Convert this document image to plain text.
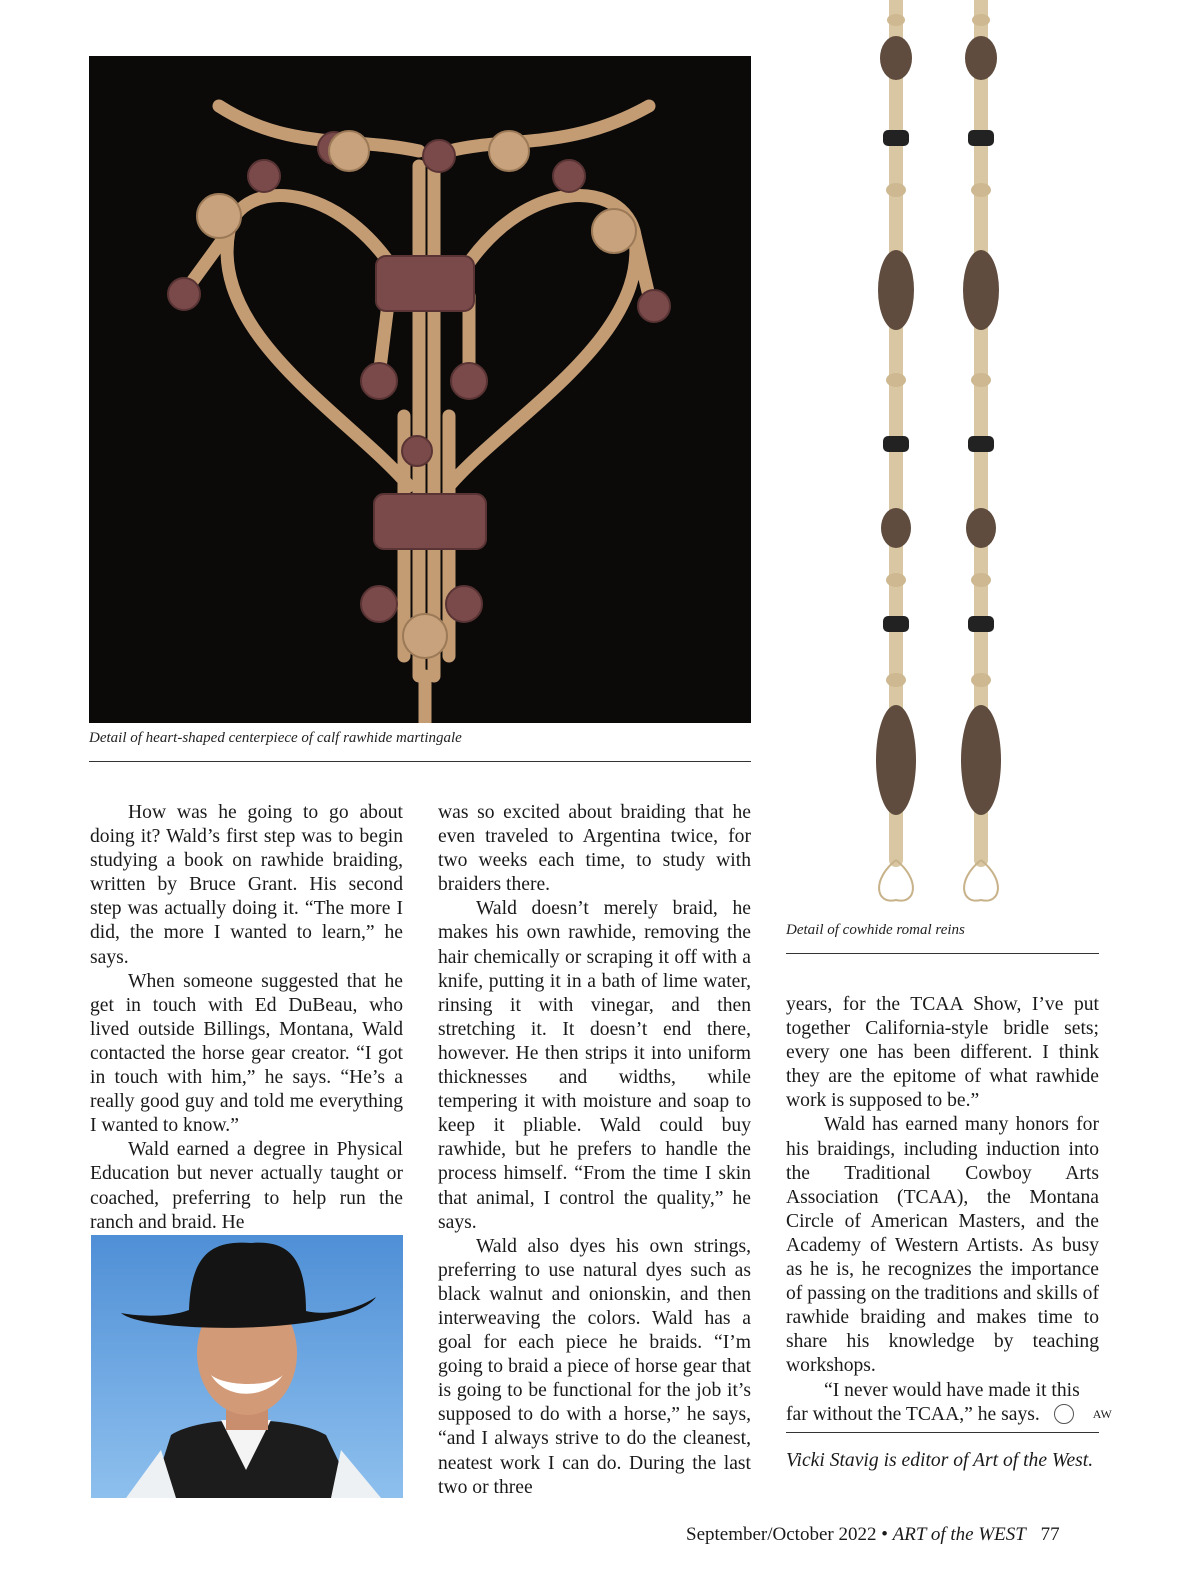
Detail of heart-shaped centerpiece of calf rawhide martingale
Detail of cowhide romal reins

How was he going to go about doing it? Wald’s first step was to begin studying a book on rawhide braiding, written by Bruce Grant. His second step was actually doing it. “The more I did, the more I wanted to learn,” he says.

When someone suggested that he get in touch with Ed DuBeau, who lived outside Billings, Montana, Wald contacted the horse gear creator. “I got in touch with him,” he says. “He’s a really good guy and told me everything I wanted to know.”

Wald earned a degree in Physical Education but never actually taught or coached, preferring to help run the ranch and braid. He

was so excited about braiding that he even traveled to Argentina twice, for two weeks each time, to study with braiders there.

Wald doesn’t merely braid, he makes his own rawhide, removing the hair chemically or scraping it off with a knife, putting it in a bath of lime water, rinsing it with vinegar, and then stretching it. It doesn’t end there, however. He then strips it into uniform thicknesses and widths, while tempering it with moisture and soap to keep it pliable. Wald could buy rawhide, but he prefers to handle the process himself. “From the time I skin that animal, I control the quality,” he says.

Wald also dyes his own strings, preferring to use natural dyes such as black walnut and onionskin, and then interweaving the colors. Wald has a goal for each piece he braids. “I’m going to braid a piece of horse gear that is going to be functional for the job it’s supposed to do with a horse,” he says, “and I always strive to do the cleanest, neatest work I can do. During the last two or three

years, for the TCAA Show, I’ve put together California-style bridle sets; every one has been different. I think they are the epitome of what rawhide work is supposed to be.”

Wald has earned many honors for his braidings, including induction into the Traditional Cowboy Arts Association (TCAA), the Montana Circle of American Masters, and the Academy of Western Artists. As busy as he is, he recognizes the importance of passing on the traditions and skills of rawhide braiding and makes time to share his knowledge by teaching workshops.

“I never would have made it this far without the TCAA,” he says.	AW

Vicki Stavig is editor of Art of the West.
September/October 2022 • ART of the WEST 77
